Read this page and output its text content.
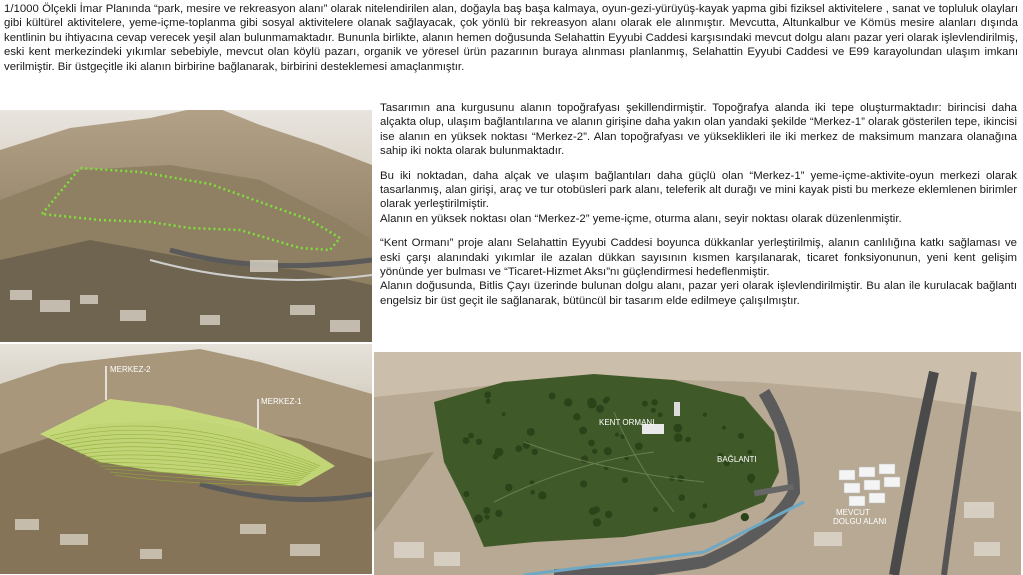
1/1000 Ölçekli İmar Planında “park, mesire ve rekreasyon alanı” olarak nitelendirilen alan, doğayla baş başa kalmaya, oyun-gezi-yürüyüş-kayak yapma gibi fiziksel aktivitelere , sanat ve topluluk olayları gibi kültürel aktivitelere, yeme-içme-toplanma gibi sosyal aktivitelere olanak sağlayacak, çok yönlü bir rekreasyon alanı olarak ele alınmıştır. Mevcutta, Altunkalbur ve Kömüs mesire alanları dışında kentlinin bu ihtiyacına cevap verecek yeşil alan bulunmamaktadır. Bununla birlikte, alanın hemen doğusunda Selahattin Eyyubi Caddesi karşısındaki mevcut dolgu alanı pazar yeri olarak işlevlendirilmiş, eski kent merkezindeki yıkımlar sebebiyle, mevcut olan köylü pazarı, organik ve yöresel ürün pazarının buraya alınması planlanmış, Selahattin Eyyubi Caddesi ve E99 karayolundan ulaşım imkanı verilmiştir. Bir üstgeçitle iki alanın birbirine bağlanarak, birbirini desteklemesi amaçlanmıştır.

Tasarımın ana kurgusunu alanın topoğrafyası şekillendirmiştir. Topoğrafya alanda iki tepe oluşturmaktadır: birincisi daha alçakta olup, ulaşım bağlantılarına ve alanın girişine daha yakın olan yandaki şekilde “Merkez-1” olarak gösterilen tepe, ikincisi ise alanın en yüksek noktası “Merkez-2”. Alan topoğrafyası ve yükseklikleri ile iki merkez de maksimum manzara olanağına sahip iki nokta olarak bulunmaktadır.

Bu iki noktadan, daha alçak ve ulaşım bağlantıları daha güçlü olan “Merkez-1” yeme-içme-aktivite-oyun merkezi olarak tasarlanmış, alan girişi, araç ve tur otobüsleri park alanı, teleferik alt durağı ve mini kayak pisti bu merkeze eklemlenen birimler olarak yerleştirilmiştir.

Alanın en yüksek noktası olan “Merkez-2” yeme-içme, oturma alanı, seyir noktası olarak düzenlenmiştir.

“Kent Ormanı” proje alanı Selahattin Eyyubi Caddesi boyunca dükkanlar yerleştirilmiş, alanın canlılığına katkı sağlaması ve eski çarşı alanındaki yıkımlar ile azalan dükkan sayısının kısmen karşılanarak, ticaret fonksiyonunun, yeni kent gelişim yönünde yer bulması ve “Ticaret-Hizmet Aksı”nı güçlendirmesi hedeflenmiştir.

Alanın doğusunda, Bitlis Çayı üzerinde bulunan dolgu alanı, pazar yeri olarak işlevlendirilmiştir. Bu alan ile kurulacak bağlantı engelsiz bir üst geçit ile sağlanarak, bütüncül bir tasarım elde edilmeye çalışılmıştır.

MERKEZ-2
MERKEZ-1
KENT ORMANI
BAĞLANTI
MEVCUT
DOLGU ALANI
